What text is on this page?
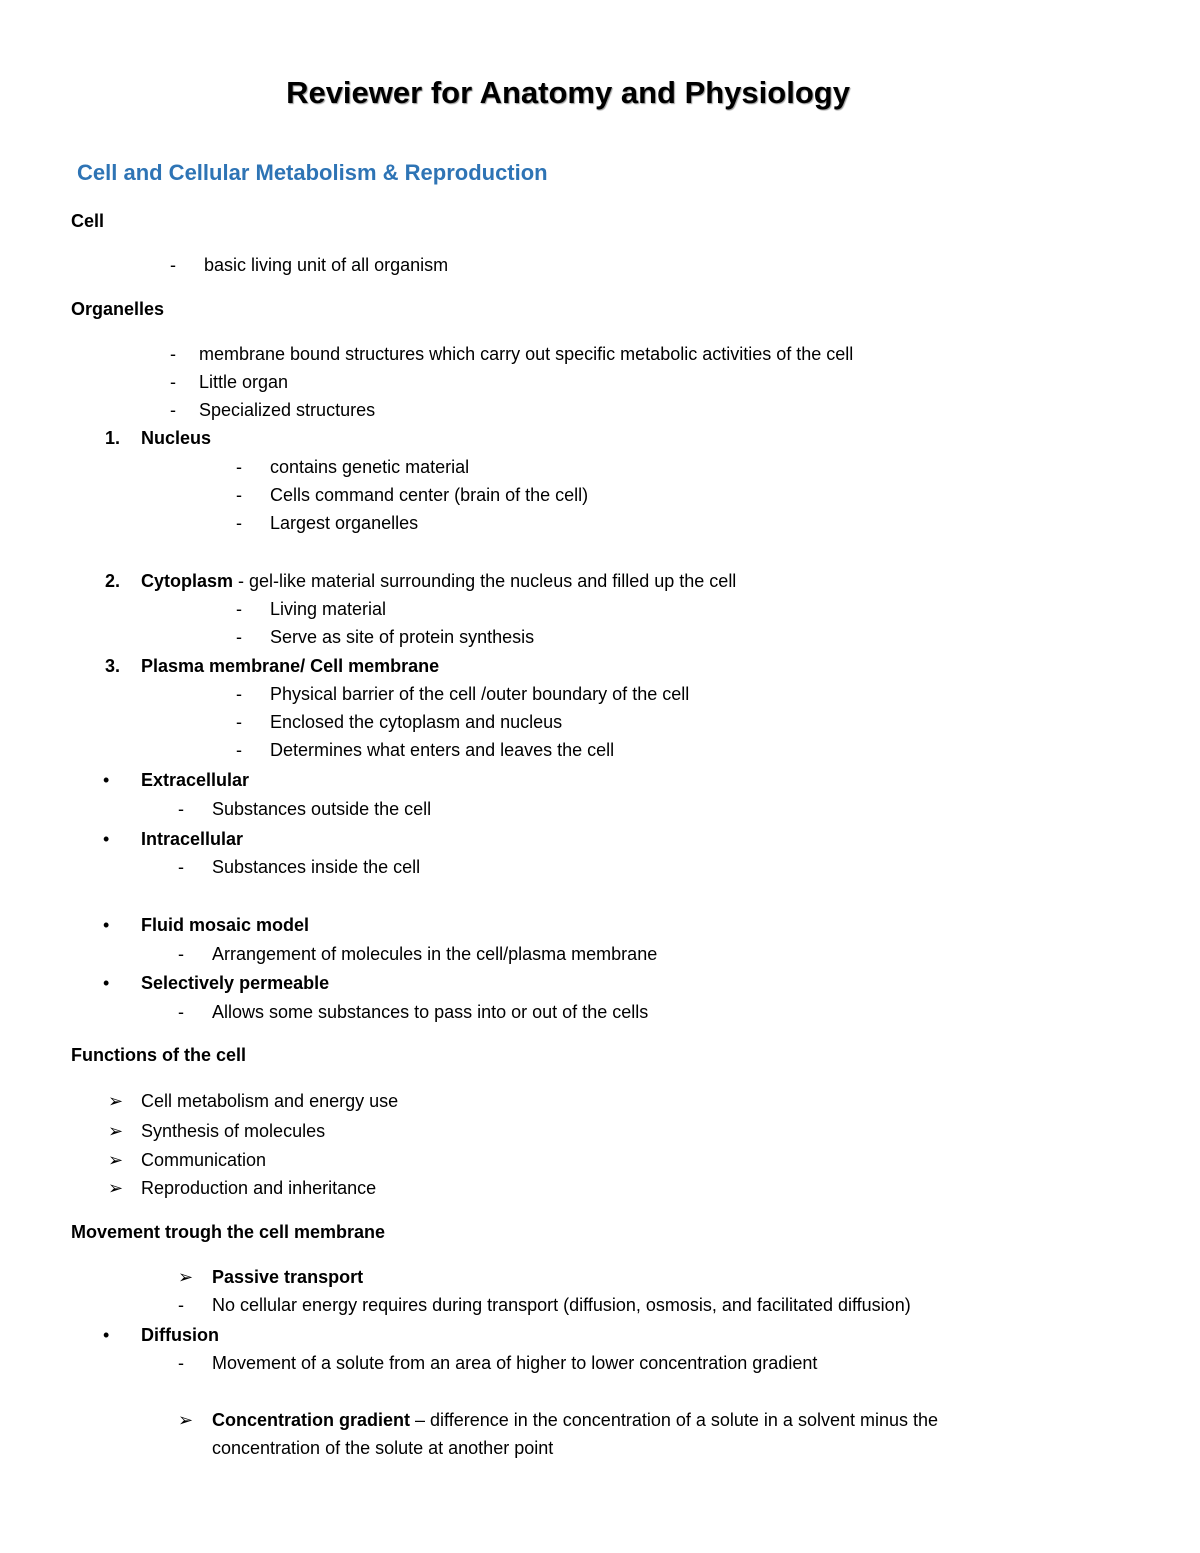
Reviewer for Anatomy and Physiology
Cell and Cellular Metabolism & Reproduction
Cell
- basic living unit of all organism
Organelles
- membrane bound structures which carry out specific metabolic activities of the cell
- Little organ
- Specialized structures
1. Nucleus
- contains genetic material
- Cells command center (brain of the cell)
- Largest organelles
2. Cytoplasm - gel-like material surrounding the nucleus and filled up the cell
- Living material
- Serve as site of protein synthesis
3. Plasma membrane/ Cell membrane
- Physical barrier of the cell /outer boundary of the cell
- Enclosed the cytoplasm and nucleus
- Determines what enters and leaves the cell
• Extracellular
- Substances outside the cell
• Intracellular
- Substances inside the cell
• Fluid mosaic model
- Arrangement of molecules in the cell/plasma membrane
• Selectively permeable
- Allows some substances to pass into or out of the cells
Functions of the cell
➢ Cell metabolism and energy use
➢ Synthesis of molecules
➢ Communication
➢ Reproduction and inheritance
Movement trough the cell membrane
➢ Passive transport
- No cellular energy requires during transport (diffusion, osmosis, and facilitated diffusion)
• Diffusion
- Movement of a solute from an area of higher to lower concentration gradient
➢ Concentration gradient – difference in the concentration of a solute in a solvent minus the
concentration of the solute at another point
